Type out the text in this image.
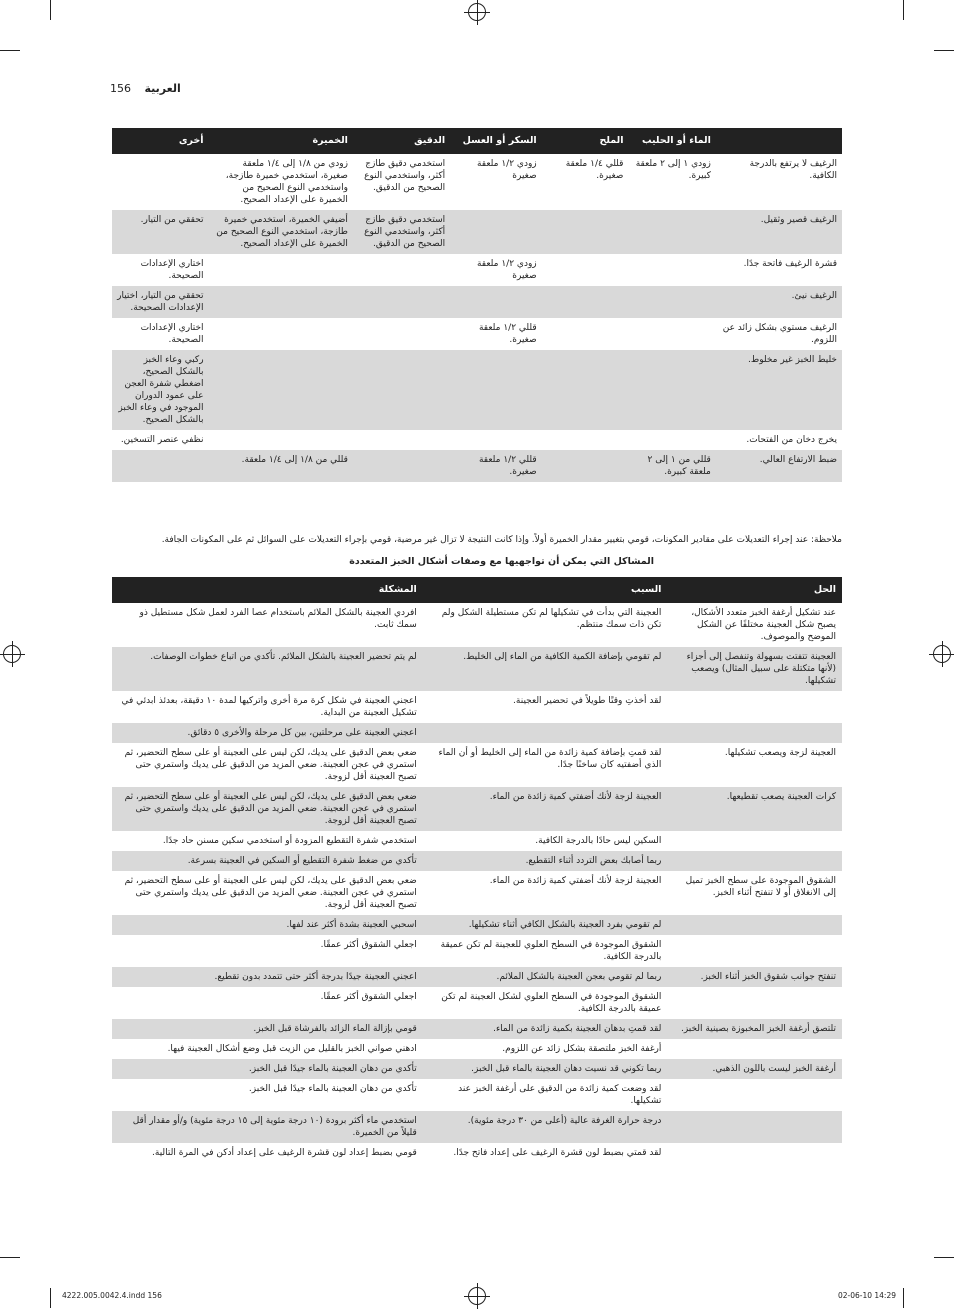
156 العربية
	الماء أو الحليب	الملح	السكر أو العسل	الدقيق	الخميرة	أخرى
الرغيف لا يرتفع بالدرجة الكافية.	زودي ١ إلى ٢ ملعقة كبيرة.	قللي ١/٤ ملعقة صغيرة.	زودي ١/٢ ملعقة صغيرة	استخدمي دقيق طازج أكثر، واستخدمي النوع الصحيح من الدقيق.	زودي من ١/٨ إلى ١/٤ ملعقة صغيرة، استخدمي خميرة طازجة، واستخدمي النوع الصحيح من الخميرة على الإعداد الصحيح.	
الرغيف قصير وثقيل.				استخدمي دقيق طازج أكثر، واستخدمي النوع الصحيح من الدقيق.	أضيفي الخميرة، استخدمي خميرة طازجة، استخدمي النوع الصحيح من الخميرة على الإعداد الصحيح.	تحققي من التيار.
قشرة الرغيف فاتحة جدًا.			زودي ١/٢ ملعقة صغيرة			اختاري الإعدادات الصحيحة.
الرغيف نيئ.						تحققي من التيار، اختيار الإعدادات الصحيحة.
الرغيف مستوي بشكل زائد عن اللزوم.			قللي ١/٢ ملعقة صغيرة.			اختاري الإعدادات الصحيحة.
خليط الخبز غير مخلوط.						ركبي وعاء الخبز بالشكل الصحيح، اضغطي شفرة العجن على عمود الدوران الموجود في وعاء الخبز بالشكل الصحيح.
يخرج دخان من الفتحات.						نظفي عنصر التسخين.
ضبط الارتفاع العالي.	قللي من ١ إلى ٢ ملعقة كبيرة.		قللي ١/٢ ملعقة صغيرة.		قللي من ١/٨ إلى ١/٤ ملعقة.	
ملاحظة: عند إجراء التعديلات على مقادير المكونات، قومي بتغيير مقدار الخميرة أولاً. وإذا كانت النتيجة لا تزال غير مرضية، قومي بإجراء التعديلات على السوائل ثم على المكونات الجافة.
المشاكل التي يمكن أن تواجهيها مع وصفات أشكال الخبز المتعددة
الحل	السبب	المشكلة
عند تشكيل أرغفة الخبز متعدد الأشكال، يصبح شكل العجينة مختلفًا عن الشكل الموضح والموصوف.	العجينة التي بدأت في تشكيلها لم تكن مستطيلة الشكل ولم تكن ذات سمك منتظم.	افردي العجينة بالشكل الملائم باستخدام عصا الفرد لعمل شكل مستطيل ذو سمك ثابت.
العجينة تتفتت بسهولة وتنفصل إلى أجزاء (لأنها متكتلة على سبيل المثال) ويصعب تشكيلها.	لم تقومي بإضافة الكمية الكافية من الماء إلى الخليط.	لم يتم تحضير العجينة بالشكل الملائم. تأكدي من اتباع خطوات الوصفات.
	لقد أخذتِ وقتًا طويلاً في تحضير العجينة.	اعجني العجينة في شكل كرة مرة أخرى واتركيها لمدة ١٠ دقيقة، بعدئذ ابدئي في تشكيل العجينة من البداية.
		اعجني العجينة على مرحلتين، بين كل مرحلة والأخرى ٥ دقائق.
العجينة لزجة ويصعب تشكيلها.	لقد قمتِ بإضافة كمية زائدة من الماء إلى الخليط أو أن الماء الذي أضفتيه كان ساخنًا جدًا.	ضعي بعض الدقيق على يديك، لكن ليس على العجينة أو على سطح التحضير، ثم استمري في عجن العجينة. ضعي المزيد من الدقيق على يديك واستمري حتى تصبح العجينة أقل لزوجة.
كرات العجينة يصعب تقطيعها.	العجينة لزجة لأنك أضفتي كمية زائدة من الماء.	ضعي بعض الدقيق على يديك، لكن ليس على العجينة أو على سطح التحضير، ثم استمري في عجن العجينة. ضعي المزيد من الدقيق على يديك واستمري حتى تصبح العجينة أقل لزوجة.
	السكين ليس حادًا بالدرجة الكافية.	استخدمي شفرة التقطيع المزودة أو استخدمي سكين مسنن حاد جدًا.
	ربما أصابك بعض التردد أثناء التقطيع.	تأكدي من ضغط شفرة التقطيع أو السكين في العجينة بسرعة.
الشقوق الموجودة على سطح الخبز تميل إلى الانغلاق أو لا تنفتح أثناء الخبز.	العجينة لزجة لأنك أضفتي كمية زائدة من الماء.	ضعي بعض الدقيق على يديك، لكن ليس على العجينة أو على سطح التحضير، ثم استمري في عجن العجينة. ضعي المزيد من الدقيق على يديك واستمري حتى تصبح العجينة أقل لزوجة.
	لم تقومي بفرد العجينة بالشكل الكافي أثناء تشكيلها.	اسحبي العجينة بشدة أكثر عند لفها.
	الشقوق الموجودة في السطح العلوي للعجينة لم تكن عميقة بالدرجة الكافية.	اجعلي الشقوق أكثر عمقًا.
تنفتح جوانب شقوق الخبز أثناء الخبز.	ربما لم تقومي بعجن العجينة بالشكل الملائم.	اعجني العجينة جيدًا بدرجة أكثر حتى تتمدد بدون تقطيع.
	الشقوق الموجودة في السطح العلوي لشكل العجينة لم تكن عميقة بالدرجة الكافية.	اجعلي الشقوق أكثر عمقًا.
تلتصق أرغفة الخبز المخبوزة بصينية الخبز.	لقد قمتِ بدهان العجينة بكمية زائدة من الماء.	قومي بإزالة الماء الزائد بالفرشاة قبل الخبز.
	أرغفة الخبز ملتصقة بشكل زائد عن اللزوم.	ادهني صواني الخبز بالقليل من الزيت قبل وضع أشكال العجينة فيها.
أرغفة الخبز ليست باللون الذهبي.	ربما تكوني قد نسيت دهان العجينة بالماء قبل الخبز.	تأكدي من دهان العجينة بالماء جيدًا قبل الخبز.
	لقد وضعت كمية زائدة من الدقيق على أرغفة الخبز عند تشكيلها.	تأكدي من دهان العجينة بالماء جيدًا قبل الخبز.
	درجة حرارة الغرفة عالية (أعلى من ٣٠ درجة مئوية).	استخدمي ماء أكثر برودة (١٠ درجة مئوية إلى ١٥ درجة مئوية) و/أو مقدار أقل قليلاً من الخميرة.
	لقد قمتي بضبط لون قشرة الرغيف على إعداد فاتح جدًا.	قومي بضبط إعداد لون قشرة الرغيف على إعداد أدكن في المرة التالية.
4222.005.0042.4.indd 156	02-06-10 14:29
